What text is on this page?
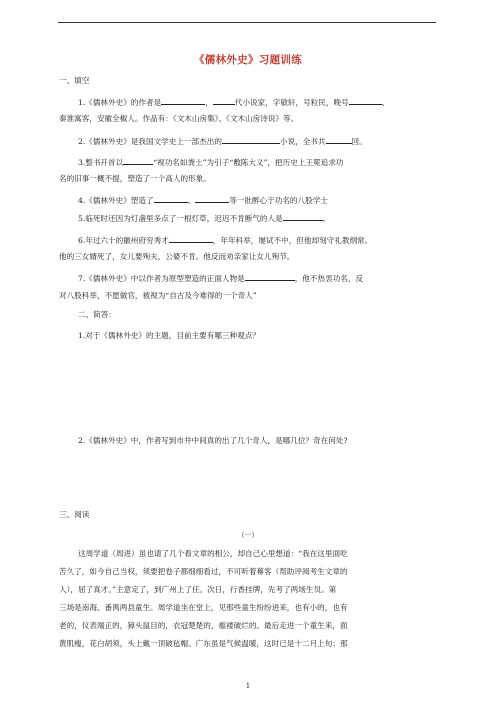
《儒林外史》习题训练
一、填空
1.《儒林外史》的作者是	，	代小说家，字敏轩，号粒民，晚号	、
秦淮寓客，安徽全椒人。作品有：《文木山房集》、《文木山房诗说》等。
2.《儒林外史》是我国文学史上一部杰出的	小说，全书共	回。
3.整书开首以	“视功名如粪土”为引子“敷陈大义”，把历史上王冕追求功
名的旧事一概不提，塑造了一个高人的形象。
4.《儒林外史》塑造了	、	等一批醉心于功名的八股学士
5.临死时还因为灯盏里多点了一根灯草，迟迟不肯断气的人是	。
6.年过六十的徽州府穷秀才	，年年科举，屡试不中，但他却刻守礼教纲常。
他的三女婿死了，女儿要殉夫，公婆不肯。他反而劝亲家让女儿殉节。
7.《儒林外史》中以作者为原型塑造的正面人物是	，他不热衷功名，反
对八股科举，不愿做官，被视为“自古及今难得的一个奇人”
二、简答：
1.对于《儒林外史》的主题，目前主要有哪三种观点？
2.《儒林外史》中，作者写到市井中间真的出了几个奇人，是哪几位？奇在何处?
三、阅读
（一）
这周学道（周进）虽也请了几个看文章的相公，却自己心里想道：“我在这里面吃
苦久了，如今自己当权，须要把卷子都细细看过，不可听着幕客（帮助评阅考生文章的
人），屈了真才。”主意定了，到广州上了任。次日，行香挂牌，先考了两场生员。第
三场是南海、番禺两县童生。周学道坐在堂上，见那些童生纷纷进来，也有小的，也有
老的，仪表端正的，獐头鼠目的，衣冠楚楚的，褴褛破烂的。最后走进一个童生来，面
黄肌瘦，花白胡须，头上戴一顶破毡帽。广东虽是气候温暖，这时已是十二月上旬；那
1
